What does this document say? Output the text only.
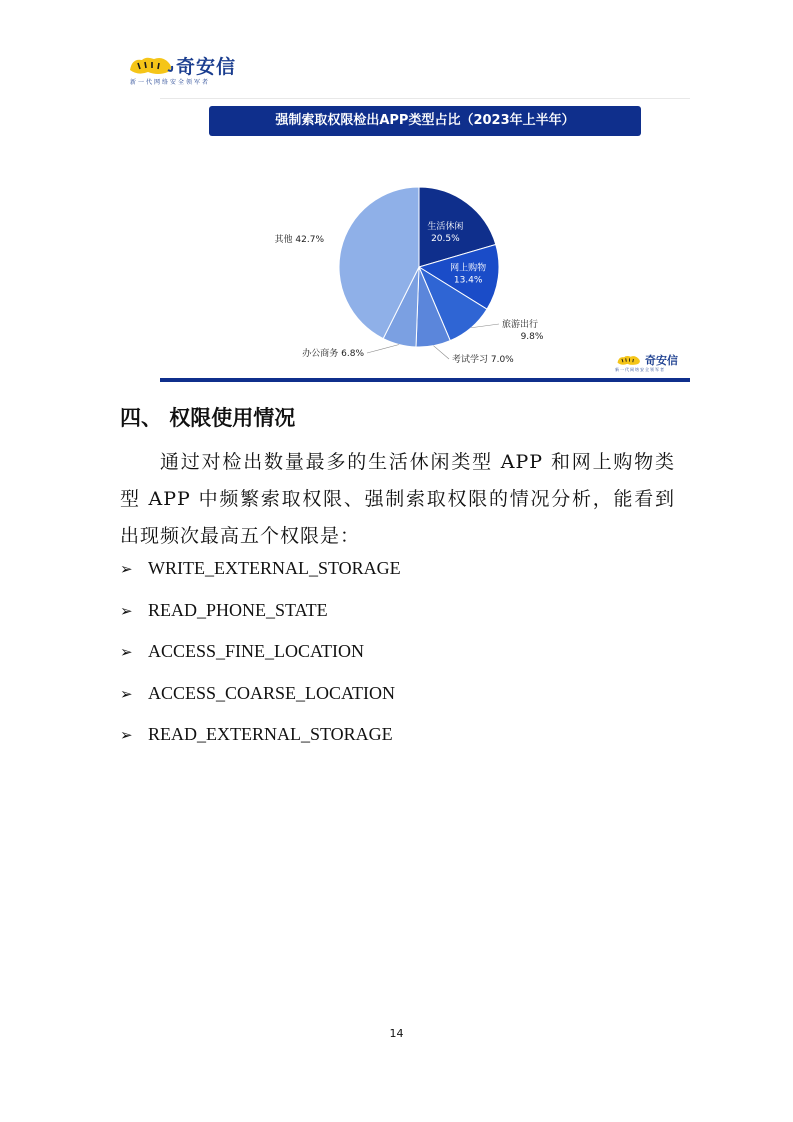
奇安信
新一代网络安全领军者
强制索取权限检出APP类型占比（2023年上半年）
生活休闲
20.5%
网上购物
13.4%
旅游出行
9.8%
考试学习 7.0%
办公商务 6.8%
其他 42.7%
奇安信
新一代网络安全领军者
四、 权限使用情况
通过对检出数量最多的生活休闲类型 APP 和网上购物类型 APP 中频繁索取权限、强制索取权限的情况分析，能看到出现频次最高五个权限是：
➢ WRITE_EXTERNAL_STORAGE
➢ READ_PHONE_STATE
➢ ACCESS_FINE_LOCATION
➢ ACCESS_COARSE_LOCATION
➢ READ_EXTERNAL_STORAGE
14
